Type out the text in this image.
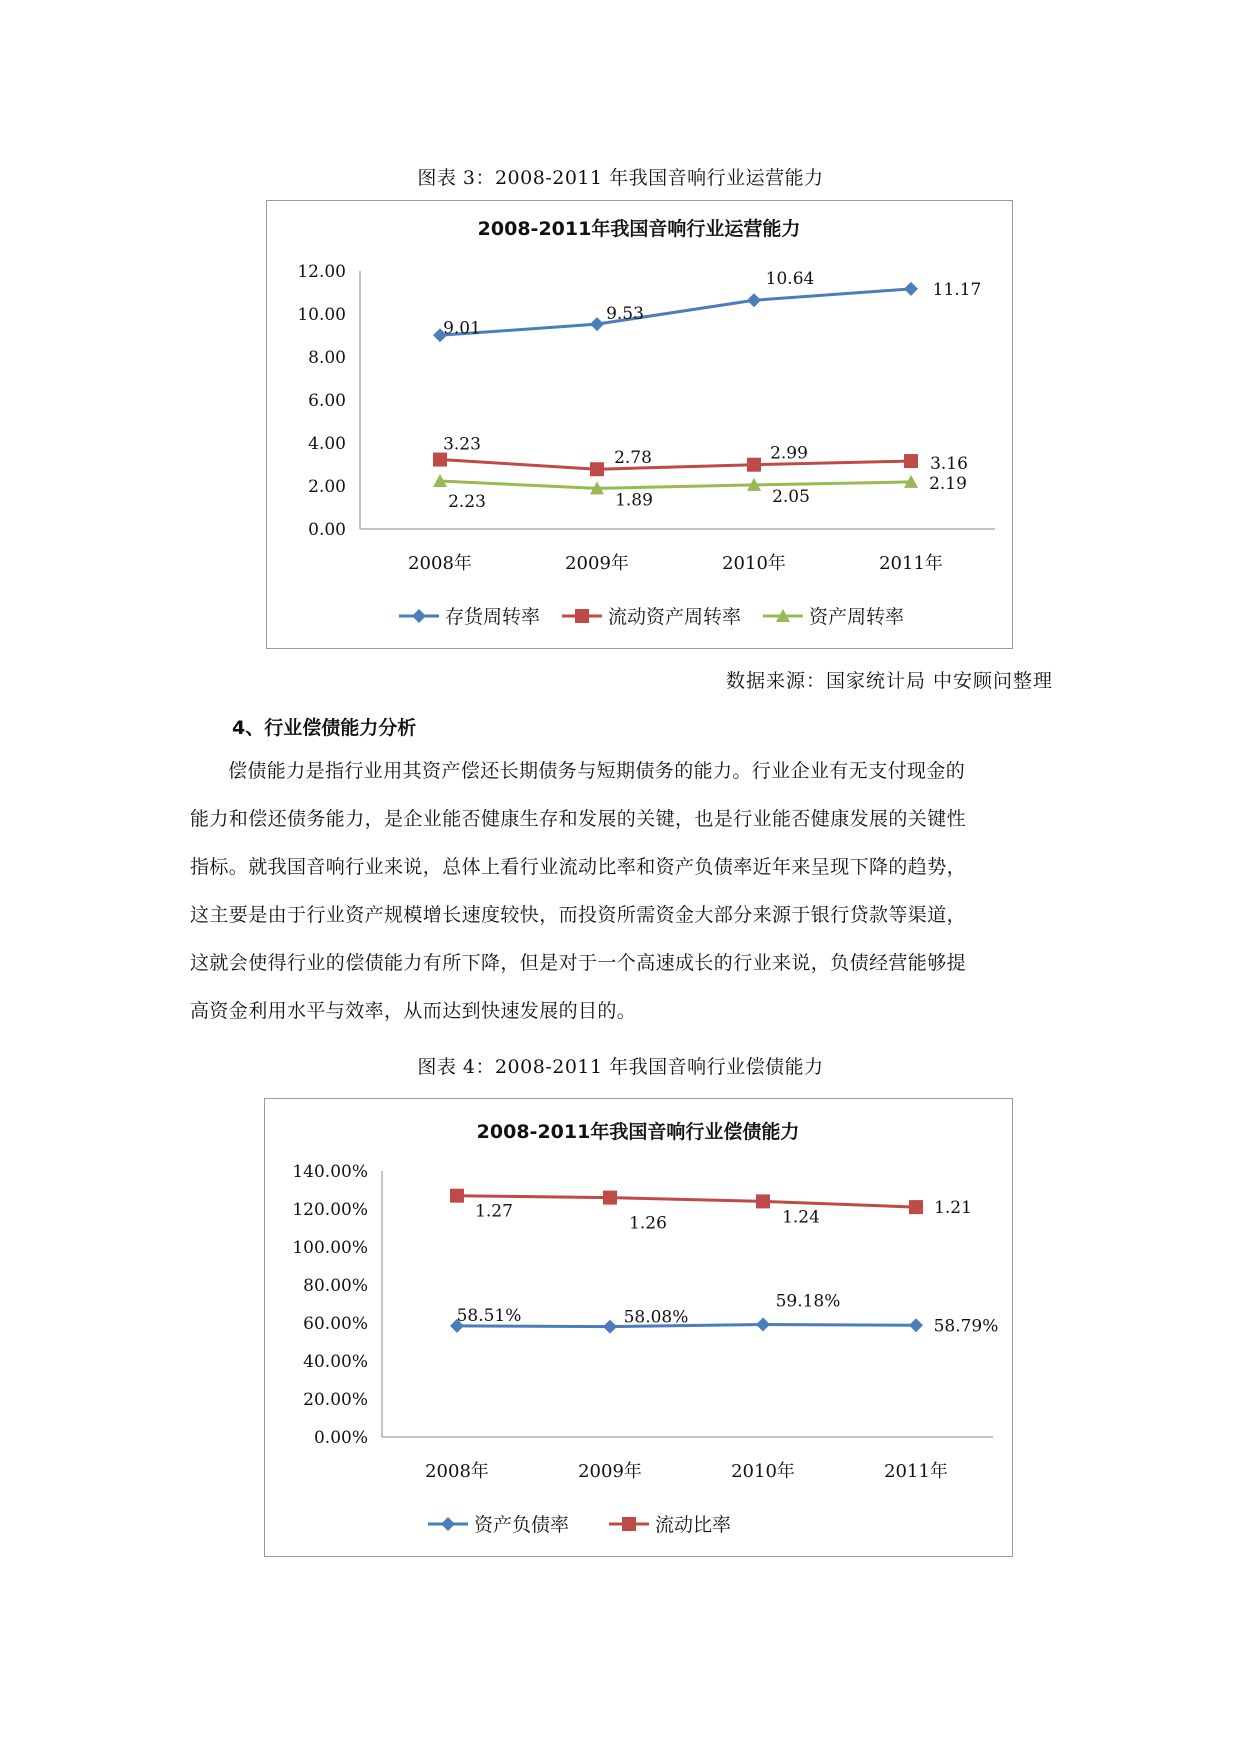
图表 3：2008-2011 年我国音响行业运营能力
2008-2011年我国音响行业运营能力
0.00
2.00
4.00
6.00
8.00
10.00
12.00
2008年	2009年	2010年	2011年
9.01
9.53
10.64
11.17
3.23
2.78	2.99
3.16
2.23	1.89	2.05
2.19
存货周转率	流动资产周转率	资产周转率
数据来源：国家统计局 中安顾问整理
4、行业偿债能力分析
偿债能力是指行业用其资产偿还长期债务与短期债务的能力。行业企业有无支付现金的
能力和偿还债务能力，是企业能否健康生存和发展的关键，也是行业能否健康发展的关键性
指标。就我国音响行业来说，总体上看行业流动比率和资产负债率近年来呈现下降的趋势，
这主要是由于行业资产规模增长速度较快，而投资所需资金大部分来源于银行贷款等渠道，
这就会使得行业的偿债能力有所下降，但是对于一个高速成长的行业来说，负债经营能够提
高资金利用水平与效率，从而达到快速发展的目的。
图表 4：2008-2011 年我国音响行业偿债能力
2008-2011年我国音响行业偿债能力
0.00%
20.00%
40.00%
60.00%
80.00%
100.00%
120.00%
140.00%
2008年	2009年	2010年	2011年
58.51%	58.08%
59.18%
58.79%
1.27
1.26	1.24	1.21
资产负债率	流动比率
